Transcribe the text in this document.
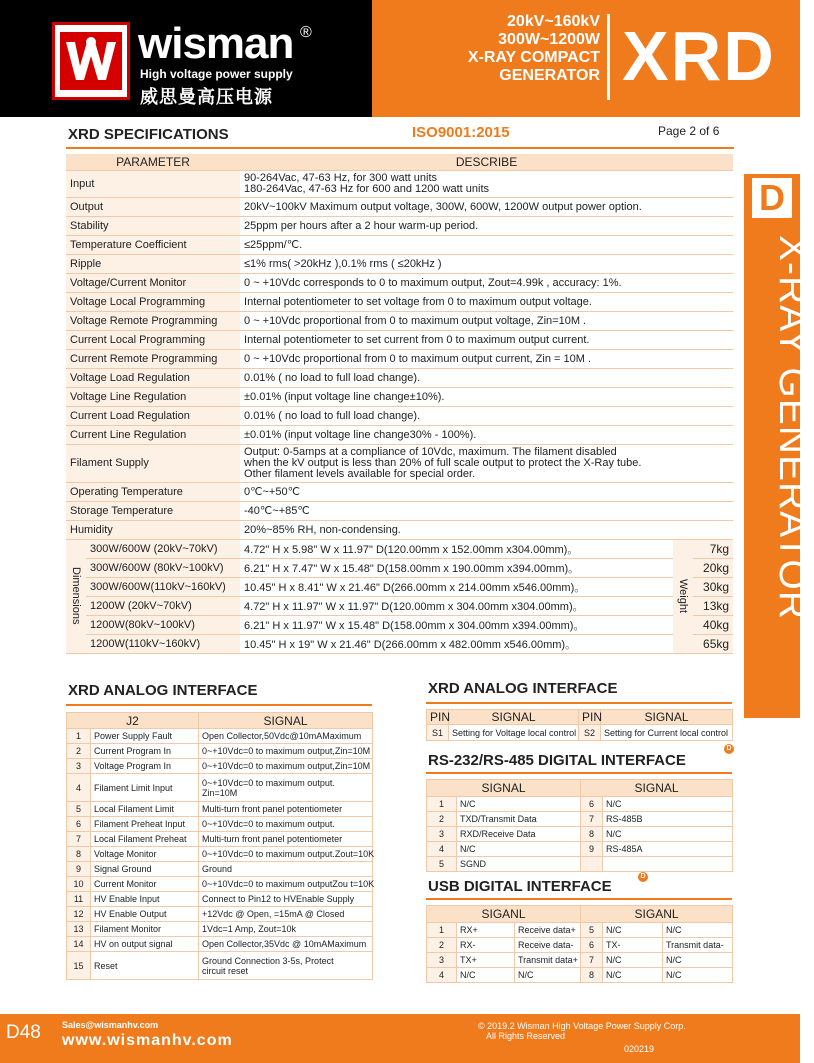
wisman ®
High voltage power supply
威思曼高压电源
20kV~160kV
300W~1200W
X-RAY COMPACT
GENERATOR XRD
XRD SPECIFICATIONS	ISO9001:2015	Page 2 of 6
D
X-RAY GENERATOR
PARAMETER		DESCRIBE		
Input		90-264Vac, 47-63 Hz, for 300 watt units
180-264Vac, 47-63 Hz for 600 and 1200 watt units		

Output		20kV~100kV Maximum output voltage, 300W, 600W, 1200W output power option.		

Stability		25ppm per hours after a 2 hour warm-up period.		

Temperature Coefficient		≤25ppm/℃.		

Ripple		≤1% rms( >20kHz ),0.1% rms ( ≤20kHz )		

Voltage/Current Monitor		0 ~ +10Vdc corresponds to 0 to maximum output, Zout=4.99k , accuracy: 1%.		

Voltage Local Programming		Internal potentiometer to set voltage from 0 to maximum output voltage.		

Voltage Remote Programming		0 ~ +10Vdc proportional from 0 to maximum output voltage, Zin=10M .		

Current Local Programming		Internal potentiometer to set current from 0 to maximum output current.		

Current Remote Programming		0 ~ +10Vdc proportional from 0 to maximum output current, Zin = 10M .		

Voltage Load Regulation		0.01% ( no load to full load change).		

Voltage Line Regulation		±0.01% (input voltage line change±10%).		

Current Load Regulation		0.01% ( no load to full load change).		

Current Line Regulation		±0.01% (input voltage line change30% - 100%).		

Filament Supply		Output: 0-5amps at a compliance of 10Vdc, maximum. The filament disabled
when the kV output is less than 20% of full scale output to protect the X-Ray tube.
Other filament levels available for special order.		

Operating Temperature		0℃~+50℃		

Storage Temperature		-40℃~+85℃		

Humidity		20%~85% RH, non-condensing.		

Dimensions	300W/600W (20kV~70kV)	4.72" H x 5.98" W x 11.97" D(120.00mm x 152.00mm x304.00mm)。	Weight	7kg
	300W/600W (80kV~100kV)	6.21" H x 7.47" W x 15.48" D(158.00mm x 190.00mm x394.00mm)。		20kg
	300W/600W(110kV~160kV)	10.45" H x 8.41" W x 21.46" D(266.00mm x 214.00mm x546.00mm)。		30kg
	1200W (20kV~70kV)	4.72" H x 11.97" W x 11.97" D(120.00mm x 304.00mm x304.00mm)。		13kg
	1200W(80kV~100kV)	6.21" H x 11.97" W x 15.48" D(158.00mm x 304.00mm x394.00mm)。		40kg
	1200W(110kV~160kV)	10.45" H x 19" W x 21.46" D(266.00mm x 482.00mm x546.00mm)。		65kg
XRD ANALOG INTERFACE
J2		SIGNAL
1	Power Supply Fault	Open Collector,50Vdc@10mAMaximum

2	Current Program In	0~+10Vdc=0 to maximum output,Zin=10M

3	Voltage Program In	0~+10Vdc=0 to maximum output,Zin=10M

4	Filament Limit Input	0~+10Vdc=0 to maximum output.
Zin=10M

5	Local Filament Limit	Multi-turn front panel potentiometer

6	Filament Preheat Input	0~+10Vdc=0 to maximum output.

7	Local Filament Preheat	Multi-turn front panel potentiometer

8	Voltage Monitor	0~+10Vdc=0 to maximum output.Zout=10K

9	Signal Ground	Ground

10	Current Monitor	0~+10Vdc=0 to maximum outputZou t=10K

11	HV Enable Input	Connect to Pin12 to HVEnable Supply

12	HV Enable Output	+12Vdc @ Open, =15mA @ Closed

13	Filament Monitor	1Vdc=1 Amp, Zout=10k

14	HV on output signal	Open Collector,35Vdc @ 10mAMaximum

15	Reset	Ground Connection 3-5s, Protect
circuit reset
XRD ANALOG INTERFACE
PIN	SIGNAL	PIN	SIGNAL
S1	Setting for Voltage local control	S2	Setting for Current local control
RS-232/RS-485 DIGITAL INTERFACE
D
SIGNAL		SIGNAL	
1	N/C	6	N/C
2	TXD/Transmit Data	7	RS-485B
3	RXD/Receive Data	8	N/C
4	N/C	9	RS-485A
5	SGND		
USB DIGITAL INTERFACE
D
SIGANL			SIGANL		
1	RX+	Receive data+	5	N/C	N/C
2	RX-	Receive data-	6	TX-	Transmit data-
3	TX+	Transmit data+	7	N/C	N/C
4	N/C	N/C	8	N/C	N/C
D48 Sales@wismanhv.com
www.wismanhv.com
© 2019.2 Wisman High Voltage Power Supply Corp.
All Rights Reserved
020219
